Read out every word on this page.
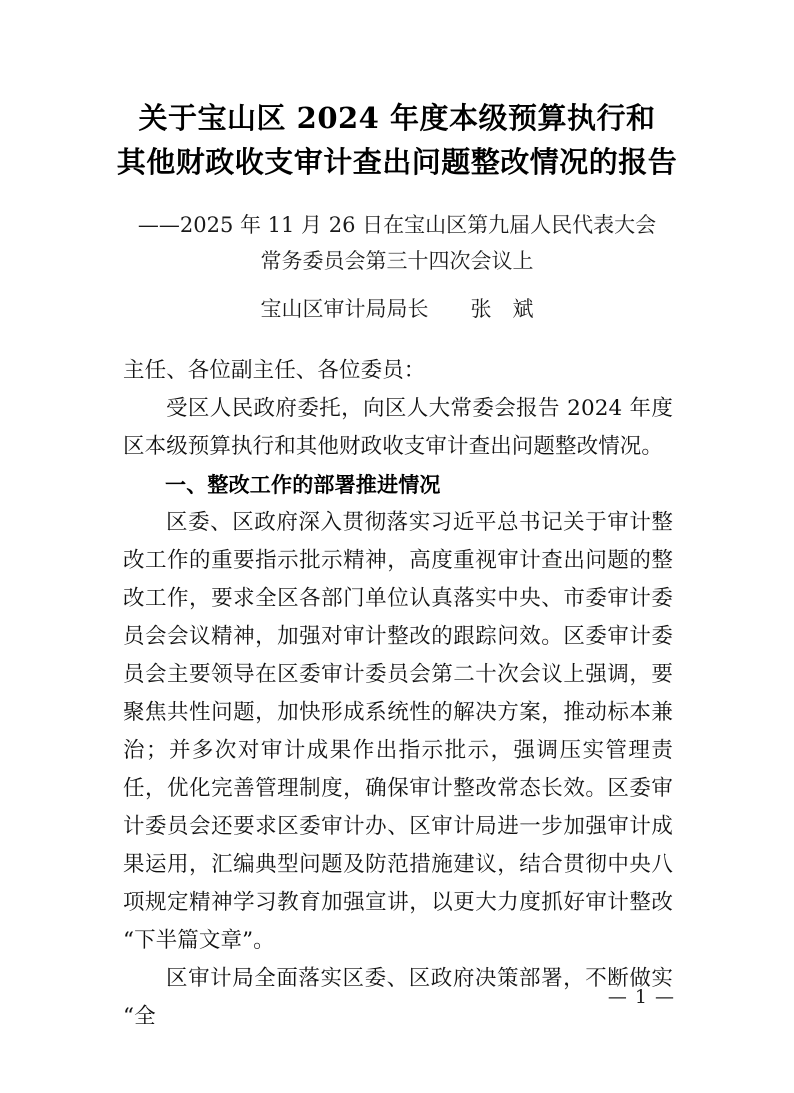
关于宝山区 2024 年度本级预算执行和
其他财政收支审计查出问题整改情况的报告
——2025 年 11 月 26 日在宝山区第九届人民代表大会
常务委员会第三十四次会议上
宝山区审计局局长　　张　斌
主任、各位副主任、各位委员：

受区人民政府委托，向区人大常委会报告 2024 年度区本级预算执行和其他财政收支审计查出问题整改情况。

一、整改工作的部署推进情况

区委、区政府深入贯彻落实习近平总书记关于审计整改工作的重要指示批示精神，高度重视审计查出问题的整改工作，要求全区各部门单位认真落实中央、市委审计委员会会议精神，加强对审计整改的跟踪问效。区委审计委员会主要领导在区委审计委员会第二十次会议上强调，要聚焦共性问题，加快形成系统性的解决方案，推动标本兼治；并多次对审计成果作出指示批示，强调压实管理责任，优化完善管理制度，确保审计整改常态长效。区委审计委员会还要求区委审计办、区审计局进一步加强审计成果运用，汇编典型问题及防范措施建议，结合贯彻中央八项规定精神学习教育加强宣讲，以更大力度抓好审计整改“下半篇文章”。

区审计局全面落实区委、区政府决策部署，不断做实“全

— 1 —
